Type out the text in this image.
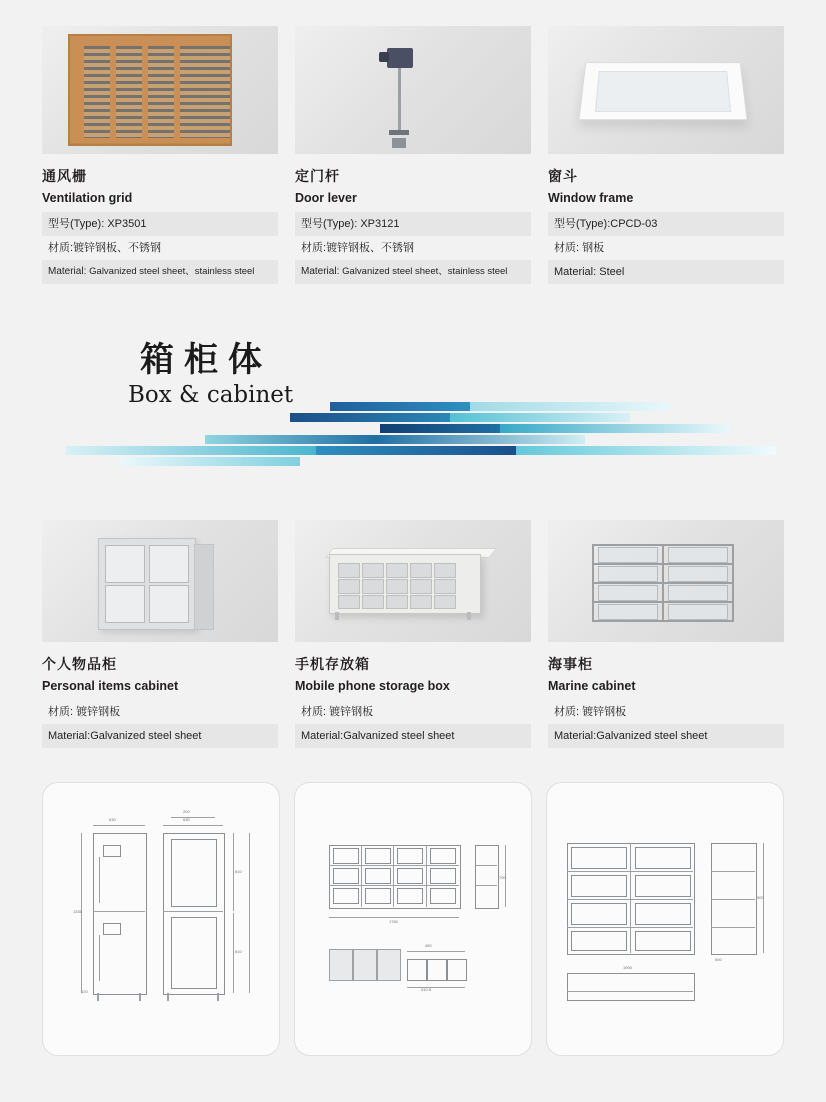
通风栅
Ventilation grid
型号(Type): XP3501
材质:镀锌钢板、不锈钢
Material: Galvanized steel sheet、stainless steel
定门杆
Door lever
型号(Type): XP3121
材质:镀锌钢板、不锈钢
Material: Galvanized steel sheet、stainless steel
窗斗
Window frame
型号(Type):CPCD-03
材质: 钢板
Material: Steel
箱柜体
Box & cabinet
个人物品柜
Personal items cabinet
材质: 镀锌钢板
Material:Galvanized steel sheet
手机存放箱
Mobile phone storage box
材质: 镀锌钢板
Material:Galvanized steel sheet
海事柜
Marine cabinet
材质: 镀锌钢板
Material:Galvanized steel sheet
630	630
200
610
610
1335
120
1760
700
450
310.5
1900
900
500
